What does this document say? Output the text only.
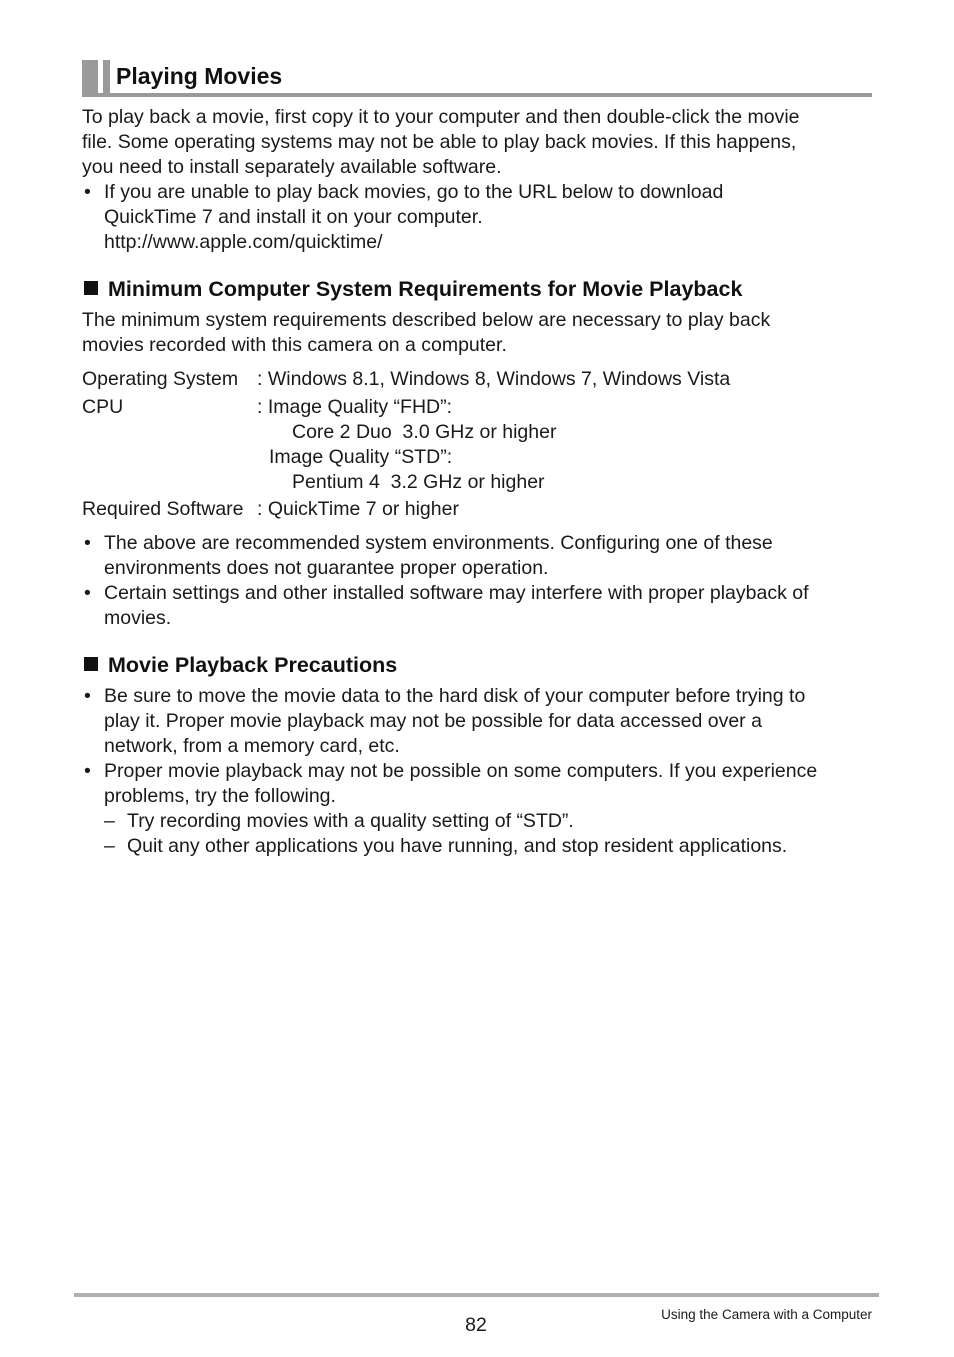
Playing Movies
To play back a movie, first copy it to your computer and then double-click the movie
file. Some operating systems may not be able to play back movies. If this happens,
you need to install separately available software.
• If you are unable to play back movies, go to the URL below to download
QuickTime 7 and install it on your computer.
http://www.apple.com/quicktime/
Minimum Computer System Requirements for Movie Playback
The minimum system requirements described below are necessary to play back
movies recorded with this camera on a computer.
Operating System : Windows 8.1, Windows 8, Windows 7, Windows Vista
CPU	: Image Quality “FHD”:
Core 2 Duo  3.0 GHz or higher
Image Quality “STD”:
Pentium 4  3.2 GHz or higher
Required Software : QuickTime 7 or higher
• The above are recommended system environments. Configuring one of these
environments does not guarantee proper operation.
• Certain settings and other installed software may interfere with proper playback of
movies.
Movie Playback Precautions
• Be sure to move the movie data to the hard disk of your computer before trying to
play it. Proper movie playback may not be possible for data accessed over a
network, from a memory card, etc.
• Proper movie playback may not be possible on some computers. If you experience
problems, try the following.
– Try recording movies with a quality setting of “STD”.
– Quit any other applications you have running, and stop resident applications.
82	Using the Camera with a Computer
